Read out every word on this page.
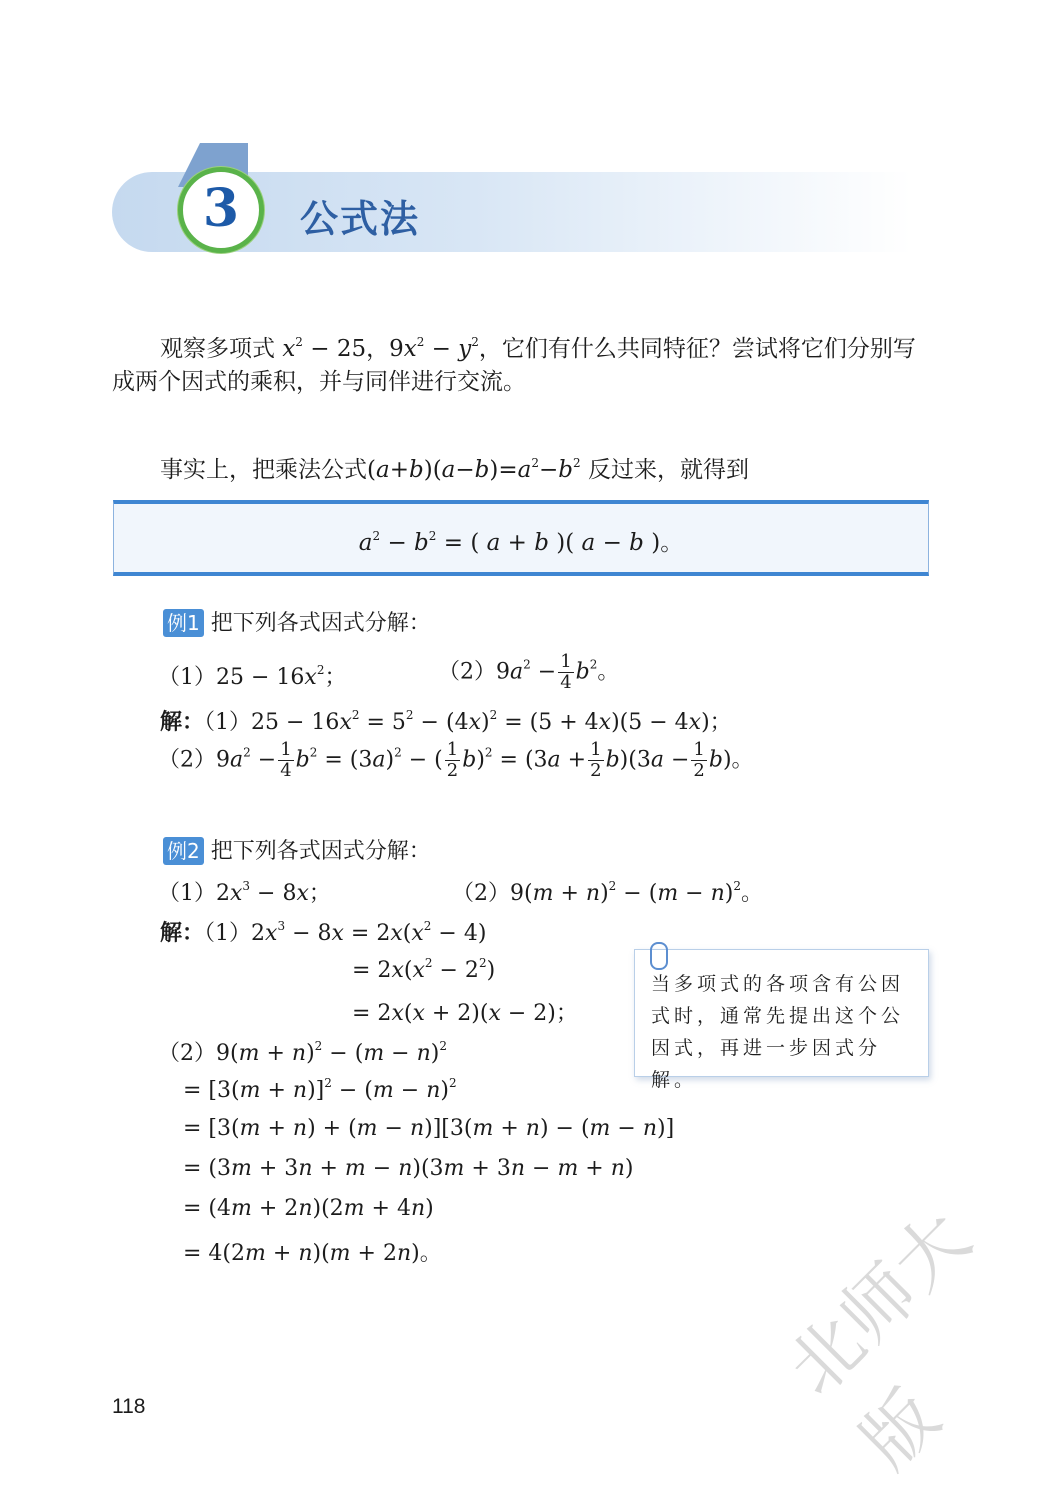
3	公式法
观察多项式 $x^2 - 25$，$9x^2 - y^2$，它们有什么共同特征？尝试将它们分别写
成两个因式的乘积，并与同伴进行交流。
事实上，把乘法公式$(a+b)(a-b)=a^2-b^2$ 反过来，就得到
$a^2 - b^2$ = ( a + b )( a − b )。
例1 把下列各式因式分解：
$(1)25 - 16x^2$；	$(2)9a^2 - \frac{1}{4} b^2$。
解：$(1)25 - 16x^2 = 5^2 - (4x)^2 = (5 + 4x)(5 - 4x)$；
$(2)9a^2 - \frac{1}{4} b^2 = (3a)^2$ − ( $\frac{1}{2} b)^2 = (3a + \frac{1}{2} b)(3a - \frac{1}{2} b)$。
例2 把下列各式因式分解：
$(1)2x^3 - 8x$；	$(2)9(m + n)^2 - (m - n)^2$。
解：$(1)2x^3 - 8x = 2x(x^2 - 4)$
= $2x(x^2 - 2^2)$
= 2x(x + 2)(x − 2)；
$(2)9(m + n)^2 - (m - n)^2$
= $[3(m + n)]^2 - (m - n)^2$
= [3(m + n) + (m − n)][3(m + n) − (m − n)]
= (3m + 3n + m − n)(3m + 3n − m + n)
= (4m + 2n)(2m + 4n)
= 4(2m + n)(m + 2n)。
当多项式的各项含有公因式时，通常先提出这个公因式，再进一步因式分解。
118	北师大版
